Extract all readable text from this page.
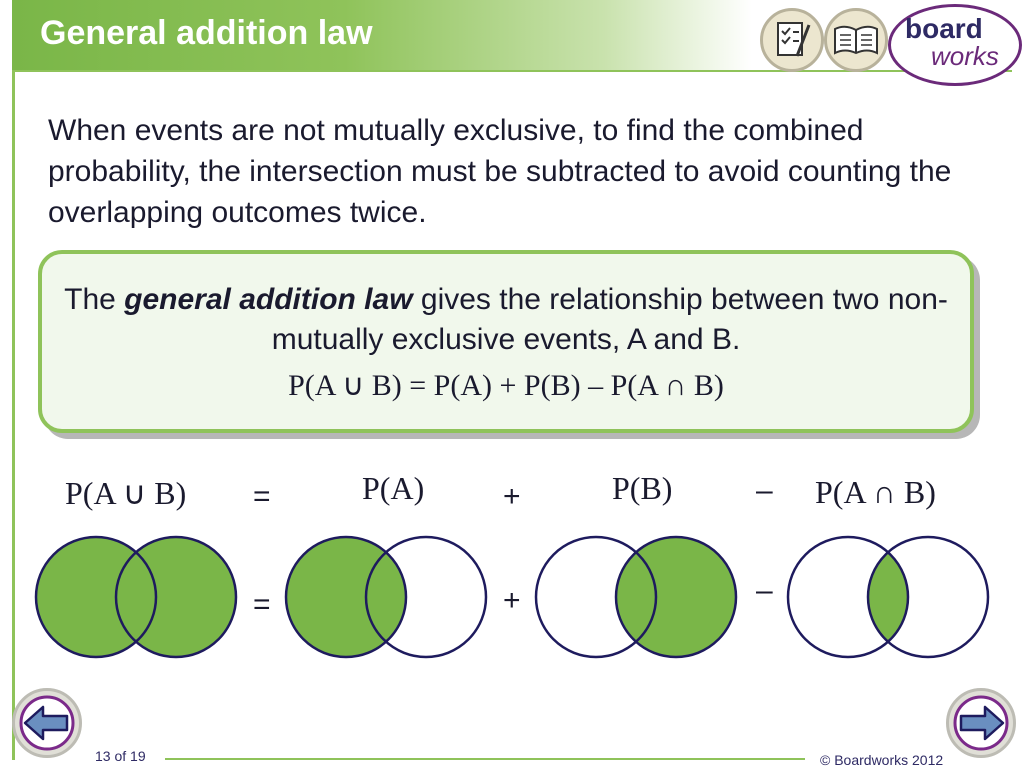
General addition law	board
works
When events are not mutually exclusive, to find the combined probability, the intersection must be subtracted to avoid counting the overlapping outcomes twice.
The general addition law gives the relationship between two non-mutually exclusive events, A and B.
P(A ∪ B) = P(A) + P(B) – P(A ∩ B)
P(A ∪ B) =	P(A)	+	P(B)	– P(A ∩ B)
=	+	–
13 of 19	© Boardworks 2012
